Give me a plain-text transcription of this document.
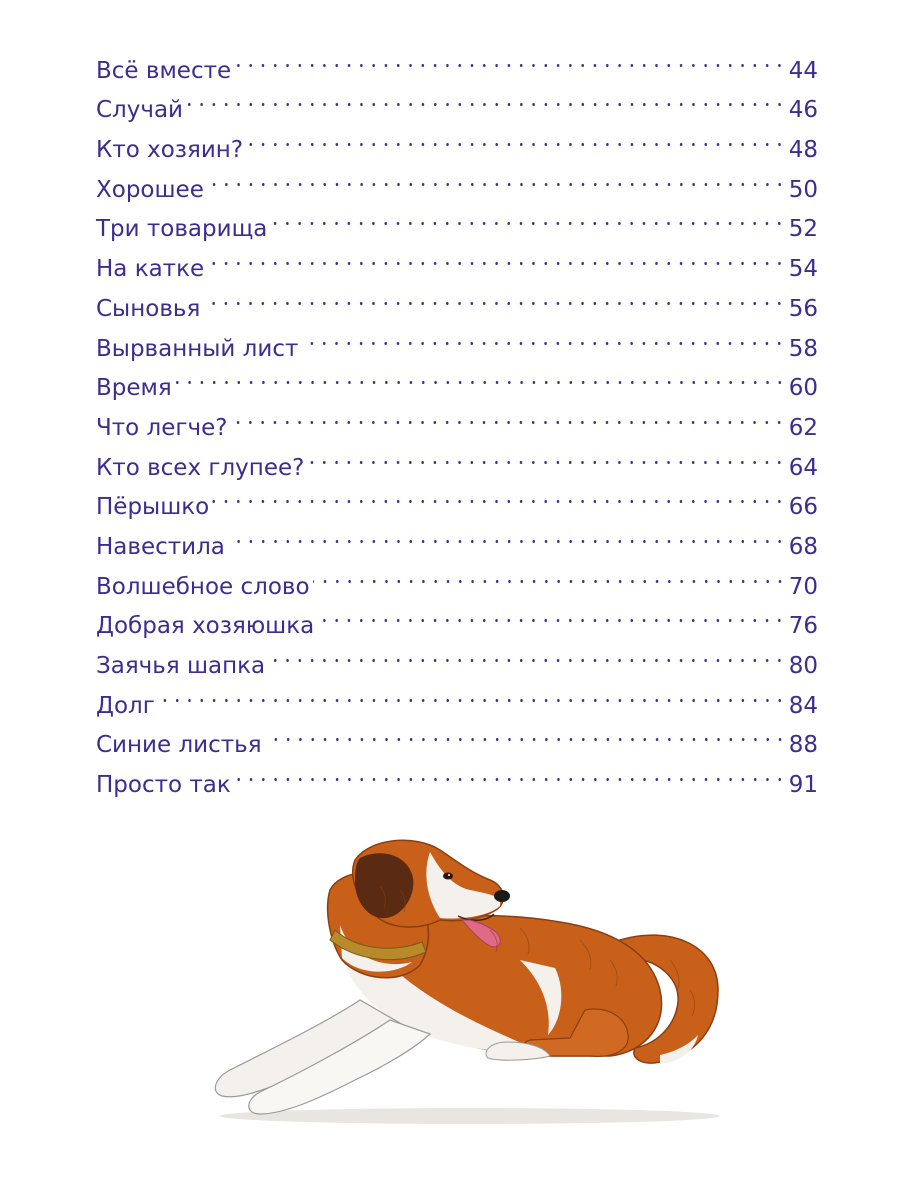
Всё вместе	44
Случай	46
Кто хозяин?	48
Хорошее	50
Три товарища	52
На катке	54
Сыновья	56
Вырванный лист	58
Время	60
Что легче?	62
Кто всех глупее?	64
Пёрышко	66
Навестила	68
Волшебное слово	70
Добрая хозяюшка	76
Заячья шапка	80
Долг	84
Синие листья	88
Просто так	91
